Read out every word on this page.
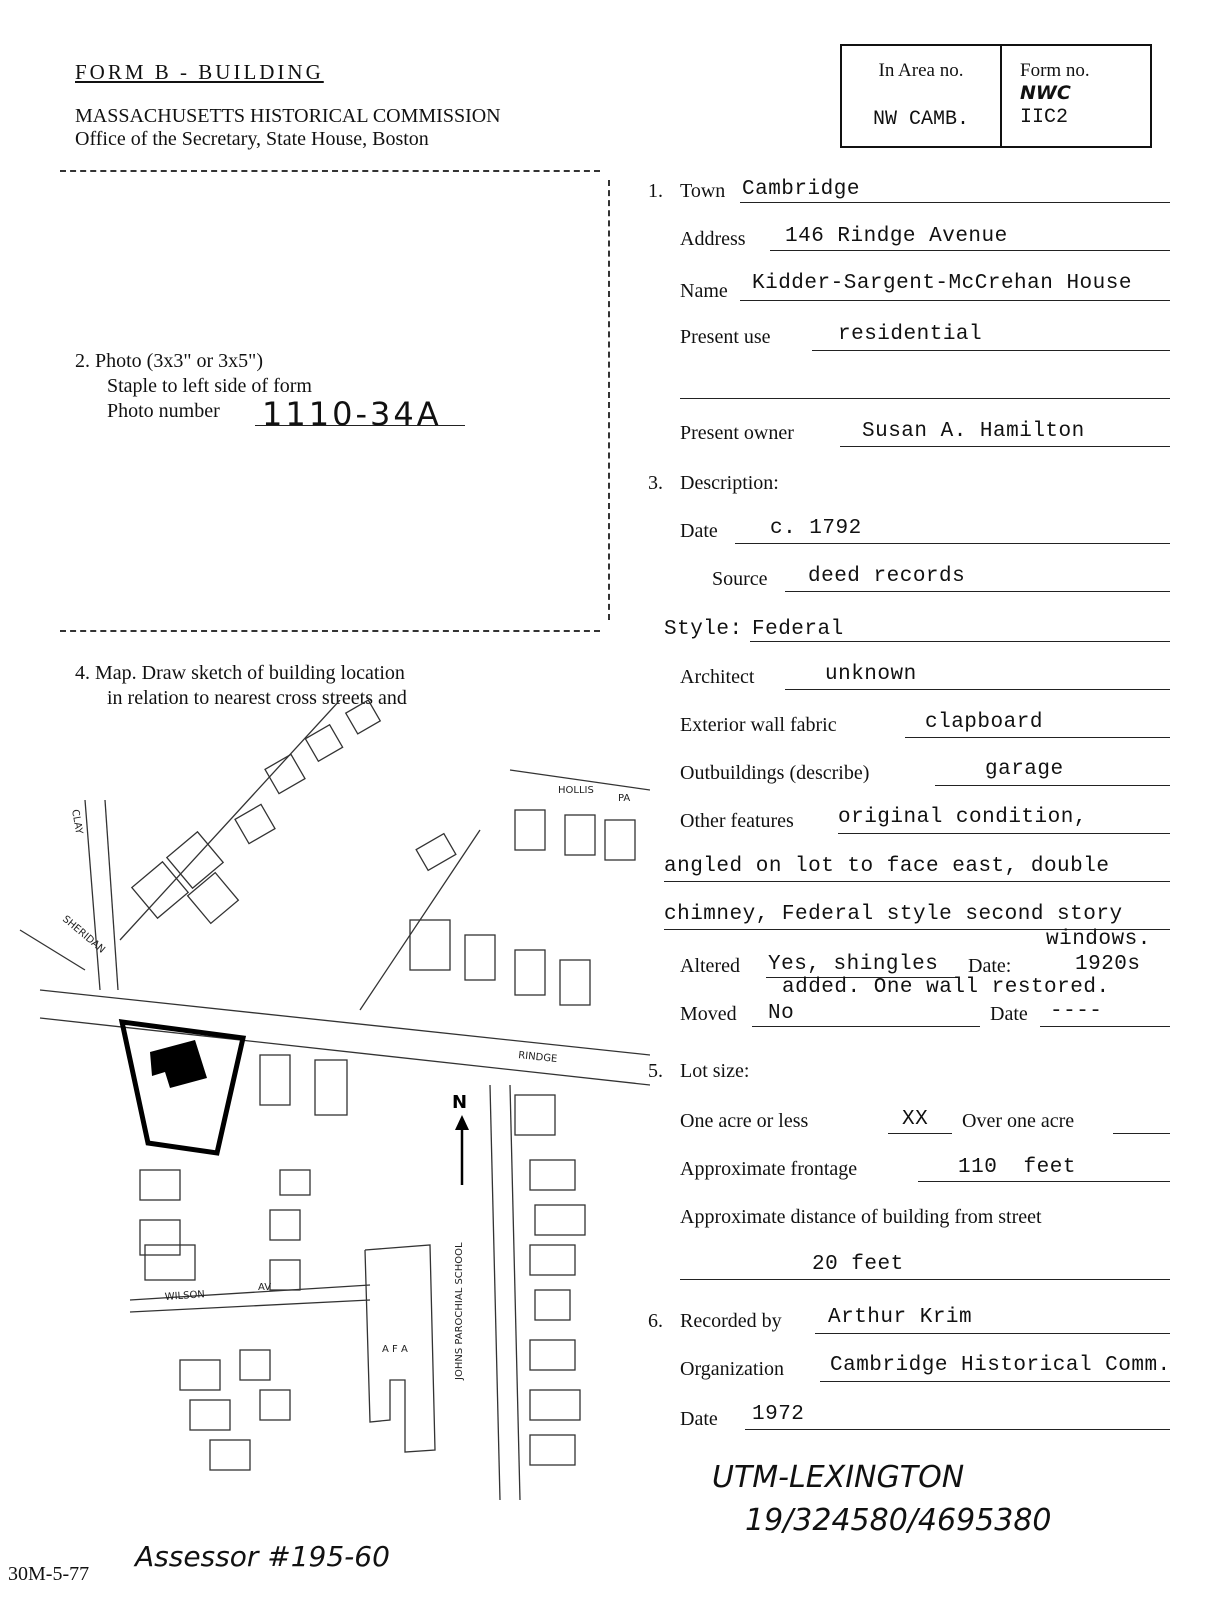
FORM B - BUILDING
MASSACHUSETTS HISTORICAL COMMISSION
Office of the Secretary, State House, Boston
In Area no.
NW CAMB.
Form no.
NWC
IIC2
2. Photo (3x3" or 3x5")
Staple to left side of form
Photo number 1110-34A
1. Town Cambridge
Address 146 Rindge Avenue
Name Kidder-Sargent-McCrehan House
Present use	residential
Present owner	Susan A. Hamilton
3. Description:
Date c. 1792
Source deed records
Style: Federal
Architect	unknown
Exterior wall fabric	clapboard
Outbuildings (describe)	garage
Other features original condition,
angled on lot to face east, double
chimney, Federal style second story
windows.
Altered Yes, shingles Date:	1920s
added. One wall restored.
Moved No	Date ----
5. Lot size:
One acre or less	XX Over one acre
Approximate frontage	110  feet
Approximate distance of building from street
20 feet
6. Recorded by Arthur Krim
Organization Cambridge Historical Comm.
Date 1972
UTM-LEXINGTON
19/324580/4695380
Assessor #195-60
30M-5-77
4. Map. Draw sketch of building location
in relation to nearest cross streets and
N
HOLLIS
PA
CLAY
SHERIDAN
RINDGE
WILSON
AV	JOHNS PAROCHIAL SCHOOL
A F A
